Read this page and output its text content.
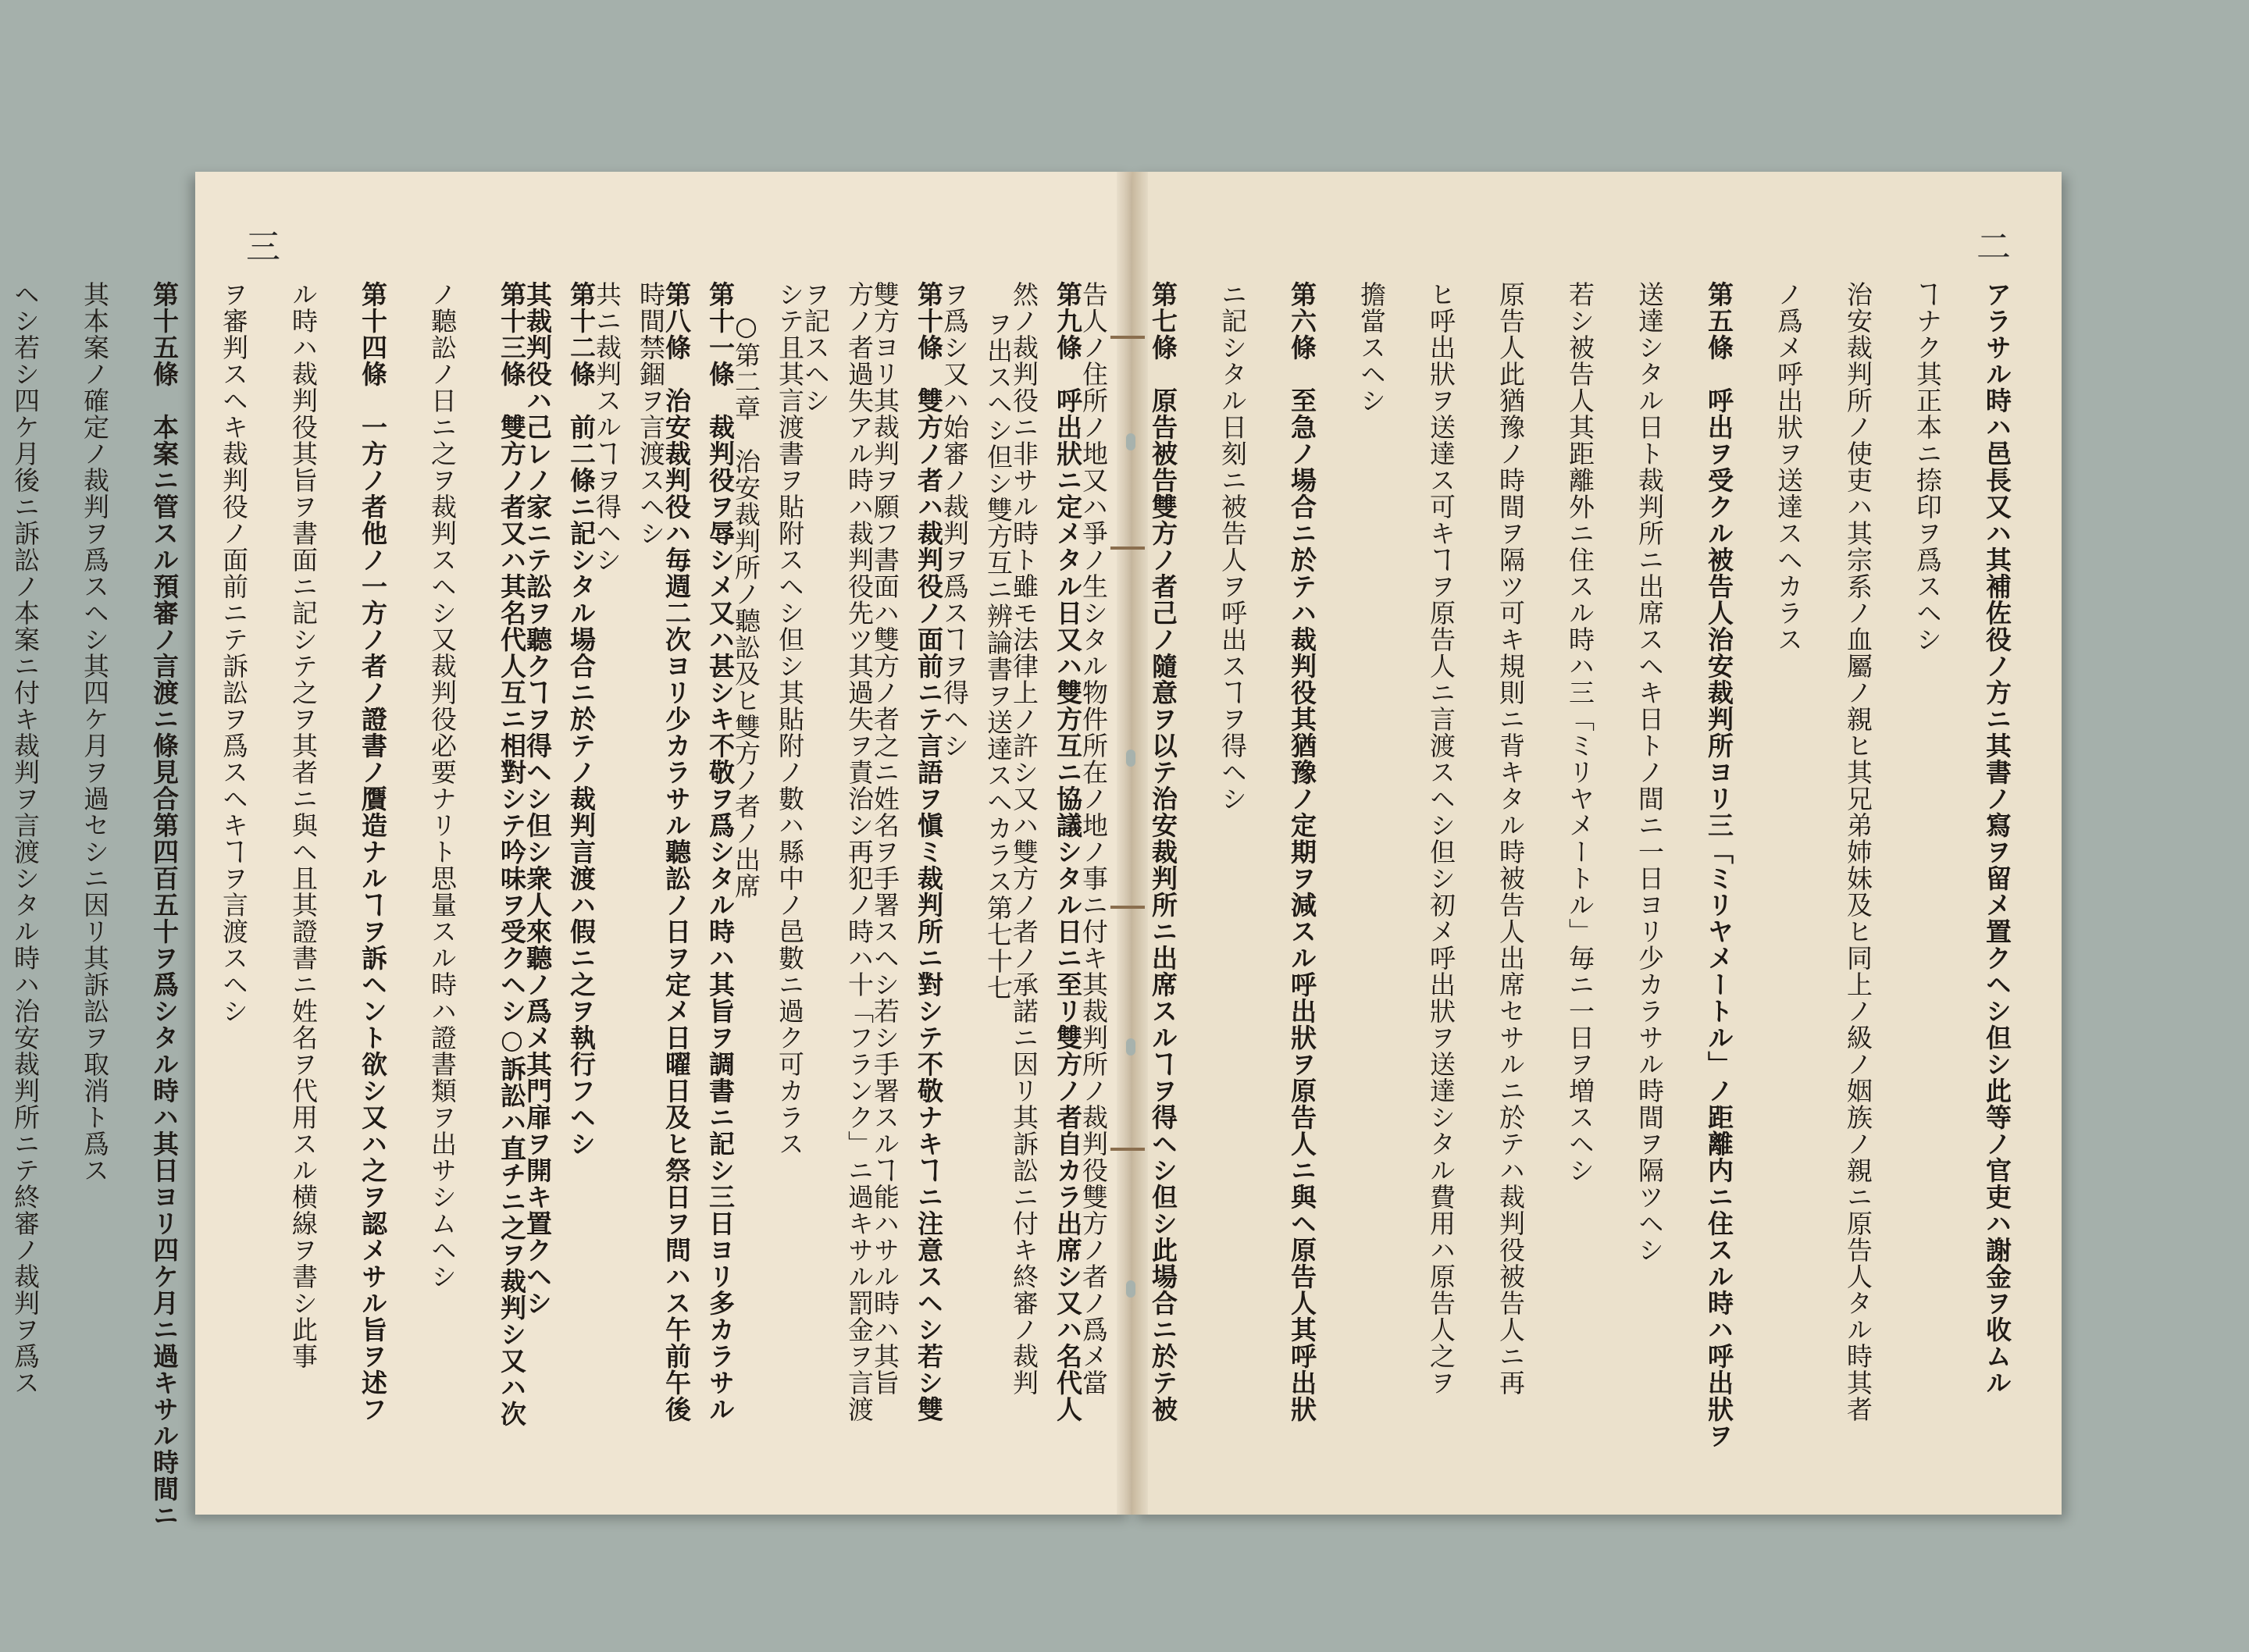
三
第九條　呼出狀ニ定メタル日又ハ雙方互ニ協議シタル日ニ至リ雙方ノ者自カラ出席シ又ハ名代人
ヲ出スヘシ但シ雙方互ニ辨論書ヲ送達スヘカラス第七十七
第十條　雙方ノ者ハ裁判役ノ面前ニテ言語ヲ愼ミ裁判所ニ對シテ不敬ナキヿニ注意スヘシ若シ雙
方ノ者過失アル時ハ裁判役先ツ其過失ヲ責治シ再犯ノ時ハ十「フランク」ニ過キサル罰金ヲ言渡
シテ且其言渡書ヲ貼附スヘシ但シ其貼附ノ數ハ縣中ノ邑數ニ過ク可カラス
第十一條　裁判役ヲ辱シメ又ハ甚シキ不敬ヲ爲シタル時ハ其旨ヲ調書ニ記シ三日ヨリ多カラサル
時間禁錮ヲ言渡スヘシ
第十二條　前二條ニ記シタル場合ニ於テノ裁判言渡ハ假ニ之ヲ執行フヘシ
第十三條　雙方ノ者又ハ其名代人互ニ相對シテ吟味ヲ受クヘシ○訴訟ハ直チニ之ヲ裁判シ又ハ次
ノ聽訟ノ日ニ之ヲ裁判スヘシ又裁判役必要ナリト思量スル時ハ證書類ヲ出サシムヘシ
第十四條　一方ノ者他ノ一方ノ者ノ證書ノ贋造ナルヿヲ訴ヘント欲シ又ハ之ヲ認メサル旨ヲ述フ
ル時ハ裁判役其旨ヲ書面ニ記シテ之ヲ其者ニ與ヘ且其證書ニ姓名ヲ代用スル横線ヲ書シ此事
ヲ審判スヘキ裁判役ノ面前ニテ訴訟ヲ爲スヘキヿヲ言渡スヘシ
第十五條　本案ニ管スル預審ノ言渡ニ條見合第四百五十ヲ爲シタル時ハ其日ヨリ四ケ月ニ過キサル時間ニ
其本案ノ確定ノ裁判ヲ爲スヘシ其四ケ月ヲ過セシニ因リ其訴訟ヲ取消ト爲ス
ヘシ若シ四ケ月後ニ訴訟ノ本案ニ付キ裁判ヲ言渡シタル時ハ治安裁判所ニテ終審ノ裁判ヲ爲ス
二
アラサル時ハ邑長又ハ其補佐役ノ方ニ其書ノ寫ヲ留メ置クヘシ但シ此等ノ官吏ハ謝金ヲ收ムル
ヿナク其正本ニ捺印ヲ爲スヘシ
治安裁判所ノ使吏ハ其宗系ノ血屬ノ親ヒ其兄弟姉妹及ヒ同上ノ級ノ姻族ノ親ニ原告人タル時其者
ノ爲メ呼出狀ヲ送達スヘカラス
第五條　呼出ヲ受クル被告人治安裁判所ヨリ三「ミリヤメートル」ノ距離内ニ住スル時ハ呼出狀ヲ
送達シタル日ト裁判所ニ出席スヘキ日トノ間ニ一日ヨリ少カラサル時間ヲ隔ツヘシ
若シ被告人其距離外ニ住スル時ハ三「ミリヤメートル」毎ニ一日ヲ増スヘシ
原告人此猶豫ノ時間ヲ隔ツ可キ規則ニ背キタル時被告人出席セサルニ於テハ裁判役被告人ニ再
ヒ呼出狀ヲ送達ス可キヿヲ原告人ニ言渡スヘシ但シ初メ呼出狀ヲ送達シタル費用ハ原告人之ヲ
擔當スヘシ
第六條　至急ノ場合ニ於テハ裁判役其猶豫ノ定期ヲ減スル呼出狀ヲ原告人ニ與ヘ原告人其呼出狀
ニ記シタル日刻ニ被告人ヲ呼出スヿヲ得ヘシ
第七條　原告被告雙方ノ者己ノ隨意ヲ以テ治安裁判所ニ出席スルヿヲ得ヘシ但シ此場合ニ於テ被
告人ノ住所ノ地又ハ爭ノ生シタル物件所在ノ地ノ事ニ付キ其裁判所ノ裁判役雙方ノ者ノ爲メ當
然ノ裁判役ニ非サル時ト雖モ法律上ノ許シ又ハ雙方ノ者ノ承諾ニ因リ其訴訟ニ付キ終審ノ裁判
ヲ爲シ又ハ始審ノ裁判ヲ爲スヿヲ得ヘシ
雙方ヨリ其裁判ヲ願フ書面ハ雙方ノ者之ニ姓名ヲ手署スヘシ若シ手署スルヿ能ハサル時ハ其旨
ヲ記スヘシ
○第二章　治安裁判所ノ聽訟及ヒ雙方ノ者ノ出席
第八條　治安裁判役ハ毎週二次ヨリ少カラサル聽訟ノ日ヲ定メ日曜日及ヒ祭日ヲ問ハス午前午後
共ニ裁判スルヿヲ得ヘシ
其裁判役ハ己レノ家ニテ訟ヲ聽クヿヲ得ヘシ但シ衆人來聽ノ爲メ其門扉ヲ開キ置クヘシ
